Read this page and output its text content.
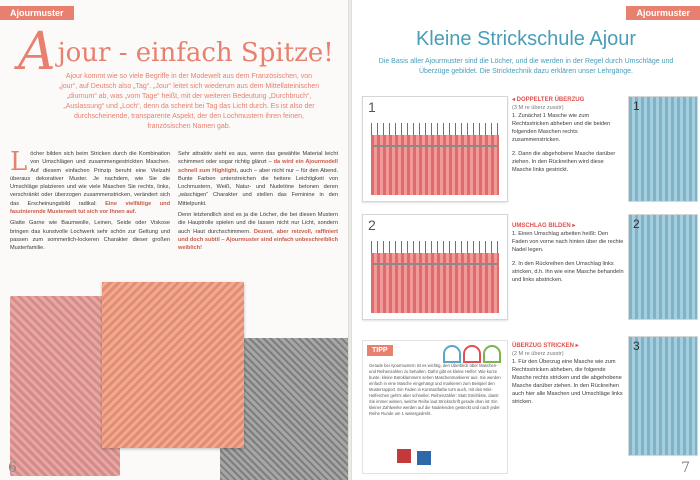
Ajourmuster
Ajour - einfach Spitze!
Ajour kommt wie so viele Begriffe in der Modewelt aus dem Französischen, von „jour“, auf Deutsch also „Tag“. „Jour“ leitet sich wiederum aus dem Mittellateinischen „diurnum“ ab, was „vom Tage“ heißt, mit der weiteren Bedeutung „Durchbruch“, „Auslassung“ und „Loch“, denn da scheint bei Tag das Licht durch. Es ist also der durchscheinende, transparente Aspekt, der den Lochmustern ihren feinen, französischen Namen gab.

Löcher bilden sich beim Stricken durch die Kombination von Umschlägen und zusammengestrickten Maschen. Auf diesem einfachen Prinzip beruht eine Vielzahl überaus dekorativer Muster. Je nachdem, wie Sie die Umschläge platzieren und wie viele Maschen Sie rechts, links, verschränkt oder überzogen zusammenstricken, verändert sich das Erscheinungsbild radikal: Eine vielfältige und faszinierende Musterwelt tut sich vor Ihnen auf.

Glatte Garne wie Baumwolle, Leinen, Seide oder Viskose bringen das kunstvolle Lochwerk sehr schön zur Geltung und passen zum sommerlich-lockeren Charakter dieser großen Musterfamilie.

Sehr attraktiv sieht es aus, wenn das gewählte Material leicht schimmert oder sogar richtig glänzt – da wird ein Ajourmodell schnell zum Highlight, auch – aber nicht nur – für den Abend. Bunte Farben unterstreichen die heitere Leichtigkeit von Lochmustern, Weiß, Natur- und Nudetöne betonen deren „wäschigen“ Charakter und stellen das Feminine in den Mittelpunkt.

Denn letztendlich sind es ja die Löcher, die bei diesen Mustern die Hauptrolle spielen und die lassen nicht nur Licht, sondern auch Haut durchschimmern. Dezent, aber reizvoll, raffiniert und doch subtil – Ajourmuster sind einfach unbeschreiblich weiblich!

6
Ajourmuster
Kleine Strickschule Ajour
Die Basis aller Ajourmuster sind die Löcher, und die werden in der Regel durch Umschläge und Überzüge gebildet. Die Stricktechnik dazu erklären unser Lehrgänge.
1	◂ DOPPELTER ÜBERZUG
(3 M re überz zusstr)
1. Zunächst 1 Masche wie zum Rechtsstricken abheben und die beiden folgenden Maschen rechts zusammenstricken.
2. Dann die abgehobene Masche darüber ziehen. In den Rückreihen wird diese Masche links gestrickt.
1
2	UMSCHLAG BILDEN ▸
1. Einen Umschlag arbeiten heißt: Den Faden von vorne nach hinten über die rechte Nadel legen.
2. In den Rückreihen den Umschlag links stricken, d.h. ihn wie eine Masche behandeln und links abstricken.
2
ÜBERZUG STRICKEN ▸
(2 M re überz zusstr)
1. Für den Überzug eine Masche wie zum Rechtsstricken abheben, die folgende Masche rechts stricken und die abgehobene Masche darüber ziehen. In den Rückreihen auch hier alle Maschen und Umschläge links stricken.
3
TIPP
Gerade bei Ajourmustern ist es wichtig, den Überblick über Maschen- und Reihenzahlen zu behalten. Dafür gibt es kleine Helfer: Wie kurze bunte, kleine Büroklammern sehen Maschenmarkierer aus. Sie werden einfach in eine Masche eingehängt und markieren zum Beispiel den Musterrapport. Ein Faden in Kontrastfarbe tut's auch, mit den Mini-Helferchen geht's aber schneller. Reihenzähler: Statt Strichliste, damit Sie immer wissen, welche Reihe laut Strickschrift gerade dran ist: Ein kleiner Zahlwerke werden auf die Nadelenden gesteckt und nach jeder Reihe Runde um 1 weitergedreht.
7
